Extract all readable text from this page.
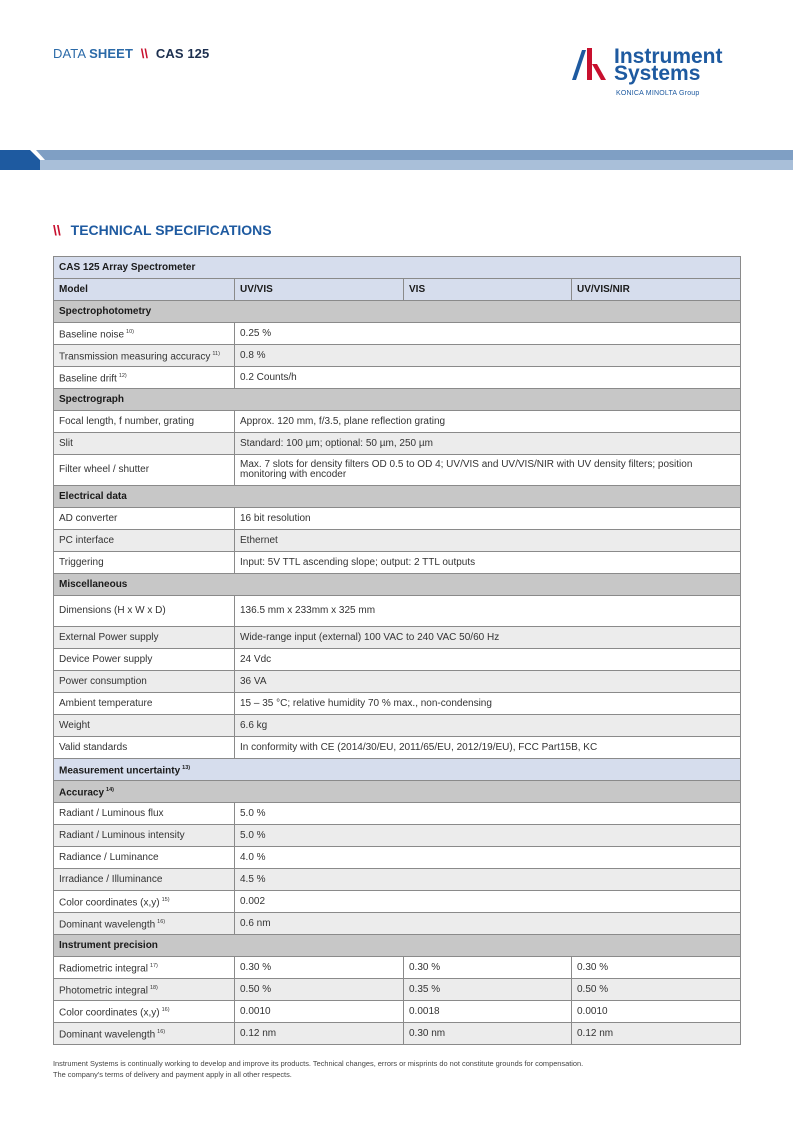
DATA SHEET \\ CAS 125	Instrument
Systems
KONICA MINOLTA Group
\\ TECHNICAL SPECIFICATIONS
CAS 125 Array Spectrometer			
Model	UV/VIS	VIS	UV/VIS/NIR
Spectrophotometry			
Baseline noise $^{10)}$	0.25 %		
Transmission measuring accuracy $^{11)}$	0.8 %		
Baseline drift $^{12)}$	0.2 Counts/h		
Spectrograph			
Focal length, f number, grating	Approx. 120 mm, f/3.5, plane reflection grating		
Slit	Standard: 100 µm; optional: 50 µm, 250 µm		
Filter wheel / shutter	Max. 7 slots for density filters OD 0.5 to OD 4; UV/VIS and UV/VIS/NIR with UV density filters; position monitoring with encoder		
Electrical data			
AD converter	16 bit resolution		
PC interface	Ethernet		
Triggering	Input: 5V TTL ascending slope; output: 2 TTL outputs		
Miscellaneous			
Dimensions (H x W x D)	136.5 mm x 233mm x 325 mm		
External Power supply	Wide-range input (external) 100 VAC to 240 VAC 50/60 Hz		
Device Power supply	24 Vdc		
Power consumption	36 VA		
Ambient temperature	15 – 35 °C; relative humidity 70 % max., non-condensing		
Weight	6.6 kg		
Valid standards	In conformity with CE (2014/30/EU, 2011/65/EU, 2012/19/EU), FCC Part15B, KC		
Measurement uncertainty $^{13)}$
Accuracy $^{14)}$
Radiant / Luminous flux	5.0 %		
Radiant / Luminous intensity	5.0 %		
Radiance / Luminance	4.0 %		
Irradiance / Illuminance	4.5 %		
Color coordinates (x,y) $^{15)}$	0.002		
Dominant wavelength $^{16)}$	0.6 nm		
Instrument precision			
Radiometric integral $^{17)}$	0.30 %	0.30 %	0.30 %
Photometric integral $^{18)}$	0.50 %	0.35 %	0.50 %
Color coordinates (x,y) $^{16)}$	0.0010	0.0018	0.0010
Dominant wavelength $^{16)}$	0.12 nm	0.30 nm	0.12 nm
Instrument Systems is continually working to develop and improve its products. Technical changes, errors or misprints do not constitute grounds for compensation.
The company's terms of delivery and payment apply in all other respects.
